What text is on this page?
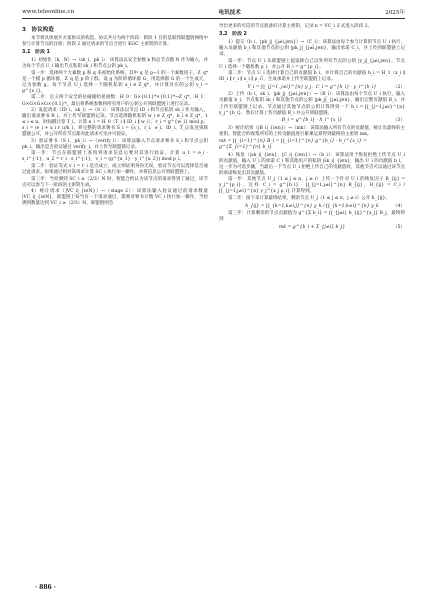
www.teleonline.cn	电讯技术	2025年
3　协议构造

本节将具体展开方案协议的构造。协议共分为两个阶段：阶段 1 目的是联邦联盟链网络中参与计算节点的注册；阶段 2 通过请求的节点合进行 KGC 主密钥的计算。

3.1　阶段 1

1）初始化（k，N）→（sk_i，pk_i）：该算法以安全参数 k 和总节点数 N 作为输入，并为每个节点 U_i 输出节点私钥 sk_i 和节点公钥 pk_i。

第一步：选择两个大素数 p 和 q 来初始化系统，其中 q 是 p−1 的一个素数因子，Z_q* 是一个模 p 循环群，Z_q 是 p 阶子群。设 g 为阶的循环群 G，用选择群 G 的一个生成元，记为参数 g。每个节点 U_i 选择一个随机私钥 x_i ∈ Z_q*，并计算对应的公钥 y_i = g^{x_i}。

第二步：定义两个安全的抗碰撞哈希函数：H_0：G×{0,1}*×{0,1}*→Z_q*，H_1：G×G×G×G×{0,1}*，最后将系统参数将所有用户的公钥公开到联盟链上进行记录。

2）发起请求（ID_i，sk_i）→（S_i）：该算法以节点 ID_i 和节点私钥 sk_i 作为输入，输出请求署书 R_i，并上传至联盟链记录。节点选择随机私钥 w_i ∈ Z_q*，k_i ∈ Z_q*，1 ≤ i ≤ n，时间戳计算 T_i。计算 e_i = H_0（T_i ∥ ID_i ∥ w_i），r_i = g^{w_i} mod p，s_i = (e_i + x_i r_i)/k_i，将完整的请求署书 S_i = {s_i，r_i，e_i，ID_i，T_i}发送到联盟链公开，并公开所有节点都对此请求可见并可验证。

3）验证署书（S_i，pk_i）→（verify_i）：该算法输入节点请求署书 S_i 和节点公钥 pk_i，输出是否验证通过 verify_i，并上传至联盟链记录。

第一步：节点在联盟链上查询到请求信息后要对其进行验证，计算 u_1 = e_i · s_i^{-1}，u_2 = r_i · s_i^{-1}，v_i = (g^{u_1} · y_i^{u_2}) mod p_i。

第二步：验证等式 v_i = r_i 是否成立，成立则证明身份无误，验证节点可以选择是否通过此请求。如果通过则对该请求计算 SC_i 执行加一操作，并将信息公开到联盟链上。

第三步：当检测到 SC_i ≥（2/3）N 时，智能合约认为该节点的请求得到了通过，该节点可以参与下一阶段的主密钥生成。

4）统计请求（|VC_i|_{i∈N}）→（stage 2）：该算法输入验证通过的请求数量 |VC_i|_{i∈N}，联盟链上每当有一个请求通过，都要对署书计数 VC_i 执行加一操作，当检测到数量达到 VC_i ≥（2/3）N，联盟链则会

导出更多的可信的节点准备好计算主密钥，记录 n = VC_i 正式进入阶段 2。

3.2　阶段 2

1）提交（b_i，|pk_j|_{j≠i,j∈n}）→（C_i）：该算法由每个参与计算的节点 U_i 执行，输入贡献值 b_i 和其他节点的公钥 |pk_j|_{j≠i,j∈n}，输出承诺 C_i，并上传到联盟链上记录。

第一步：节点 U_i 从联盟链上提取除自己以外所有节点的公钥 |y_j|_{j≠i,j∈n}。节点 U_i 选择一个随机数 ρ_i，并公开 R_i = g^{ρ_i}。

第二步：节点 U_i 选择计算自己的贡献值 b_i，并计算自己的贡献值 h_i = H_1（x_i ∥ ID_i ∥ r_i ∥ s_i ∥ ρ_i），生成承诺并上传至联盟链上记录。

Y_i = ∏_{j=1, j≠i}^{n} y_j，C_i = g^{h_i} · y_i^{h_i}	（2）

2）上传（b_i，sk_i，|pk_j|_{j≠i,j∈n}）→（B_i）：该算法由每个节点 U_i 执行，输入贡献值 b_i，节点私钥 sk_i 和其他节点的公钥 |pk_j|_{j≠i,j∈n}，输出完整贡献值 B_i，并上传至联盟链上记录。节点通过其他节点的公钥计算得到一个 h_i = ∏_{j=1,j≠i}^{n} y_j^{h_i}，然后计算上传贡献值 B_i 并公开到联盟链。

B_i = g^{b_i} · h_i^{x_i}	（3）

3）统计结果（|B_i|_{i∈n}）→（mk）：该算法输入所有节点的贡献值，统计出最终的主密钥。智能合约收集所有的上传贡献值进行累乘运算得到最终的主密钥 mk。

mk = ∏_{i=1}^{n} B_i = ∏_{i=1}^{n} g^{b_i} · h_i^{x_i} = g^{Σ_{i=1}^{n} b_i}

4）恢复（|sk_i|_{i∈n}，|C_i|_{i∈n}）→（b_i）：该算法用于恢复拒绝上传节点 U_i 的贡献值，输入 U_i 的承诺 C_i 和其他用户的私钥 |sk_i|_{i∈n}，输出 U_i 的贡献值 b_i。这一步为可选步骤，当最后一个节点 U_i 拒绝上传自己的贡献值时，其他节点可以通过该节点的承诺恢复出其贡献值。

第一步：其他节点 U_j（1 ≤ j ≤ n，j ≠ i）上传一个针对 U_i 的恢复因子 R_{ij} = y_j^{ρ_i}，这样 C_i = g^{b_i} · ∏_{j=1,j≠i}^{n} R_{ij}，R_{ij} = C_i / ∏_{j=1,j≠i}^{n} y_j^{x_j ρ_i} 计算得到。

第二步：接下来计算最终结果，剩余节点 U_j（1 ≤ j ≤ n，j ≠ i）公开 h_{ij}。

h_{ij} = ∏_{k=1,k≠i,j}^{n} y_k / ∏_{k=1,k≠i}^{n} y_k	（4）

第三步：计算剩余的节点贡献值为 g^{Σ b_i} = ∏_{j≠i} h_{ij}^{x_j} B_j，最终得到

mk = g^{b_i + Σ_{j≠i} b_j}	（5）
· 886 ·
